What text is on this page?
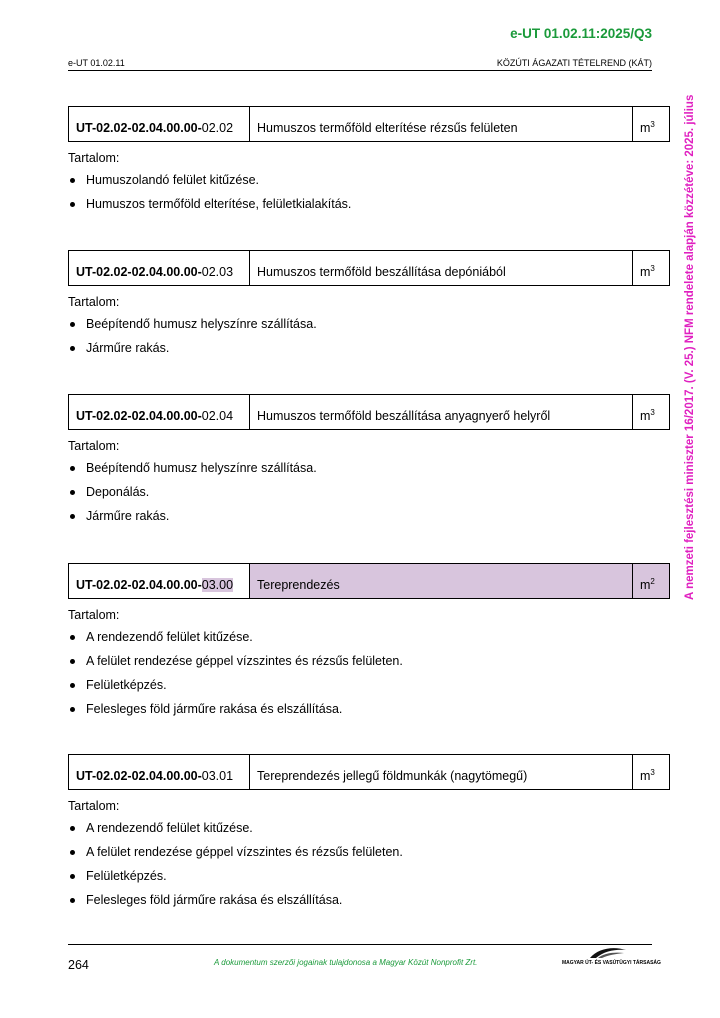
e-UT 01.02.11:2025/Q3
e-UT 01.02.11	KÖZÚTI ÁGAZATI TÉTELREND (KÁT)
A nemzeti fejlesztési miniszter 16/2017. (V. 25.) NFM rendelete alapján közzétéve: 2025. július
UT-02.02-02.04.00.00-02.02	Humuszos termőföld elterítése rézsűs felületen	$m^3$
Tartalom:
Humuszolandó felület kitűzése.
Humuszos termőföld elterítése, felületkialakítás.
UT-02.02-02.04.00.00-02.03	Humuszos termőföld beszállítása depóniából	$m^3$
Tartalom:
Beépítendő humusz helyszínre szállítása.
Járműre rakás.
UT-02.02-02.04.00.00-02.04	Humuszos termőföld beszállítása anyagnyerő helyről	$m^3$
Tartalom:
Beépítendő humusz helyszínre szállítása.
Deponálás.
Járműre rakás.
UT-02.02-02.04.00.00-03.00	Tereprendezés	$m^2$
Tartalom:
A rendezendő felület kitűzése.
A felület rendezése géppel vízszintes és rézsűs felületen.
Felületképzés.
Felesleges föld járműre rakása és elszállítása.
UT-02.02-02.04.00.00-03.01	Tereprendezés jellegű földmunkák (nagytömegű)	$m^3$
Tartalom:
A rendezendő felület kitűzése.
A felület rendezése géppel vízszintes és rézsűs felületen.
Felületképzés.
Felesleges föld járműre rakása és elszállítása.
264	A dokumentum szerzői jogainak tulajdonosa a Magyar Közút Nonprofit Zrt.	MAGYAR ÚT- ÉS VASÚTÜGYI TÁRSASÁG
